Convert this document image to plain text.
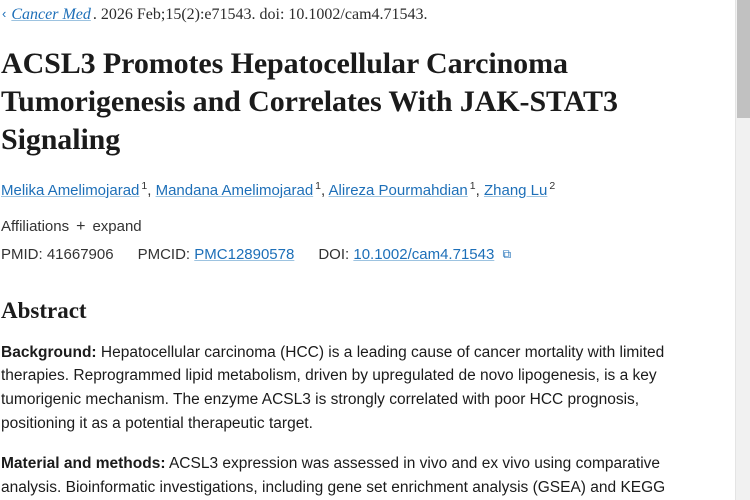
‹ Cancer Med . 2026 Feb;15(2):e71543. doi: 10.1002/cam4.71543.
ACSL3 Promotes Hepatocellular Carcinoma Tumorigenesis and Correlates With JAK-STAT3 Signaling
Melika Amelimojarad $^1$, Mandana Amelimojarad $^1$, Alireza Pourmahdian $^1$, Zhang Lu $^2$
Affiliations + expand
PMID: 41667906 PMCID: PMC12890578 DOI: 10.1002/cam4.71543 ⧉
Abstract

Background: Hepatocellular carcinoma (HCC) is a leading cause of cancer mortality with limited therapies. Reprogrammed lipid metabolism, driven by upregulated de novo lipogenesis, is a key tumorigenic mechanism. The enzyme ACSL3 is strongly correlated with poor HCC prognosis, positioning it as a potential therapeutic target.

Material and methods: ACSL3 expression was assessed in vivo and ex vivo using comparative analysis. Bioinformatic investigations, including gene set enrichment analysis (GSEA) and KEGG
